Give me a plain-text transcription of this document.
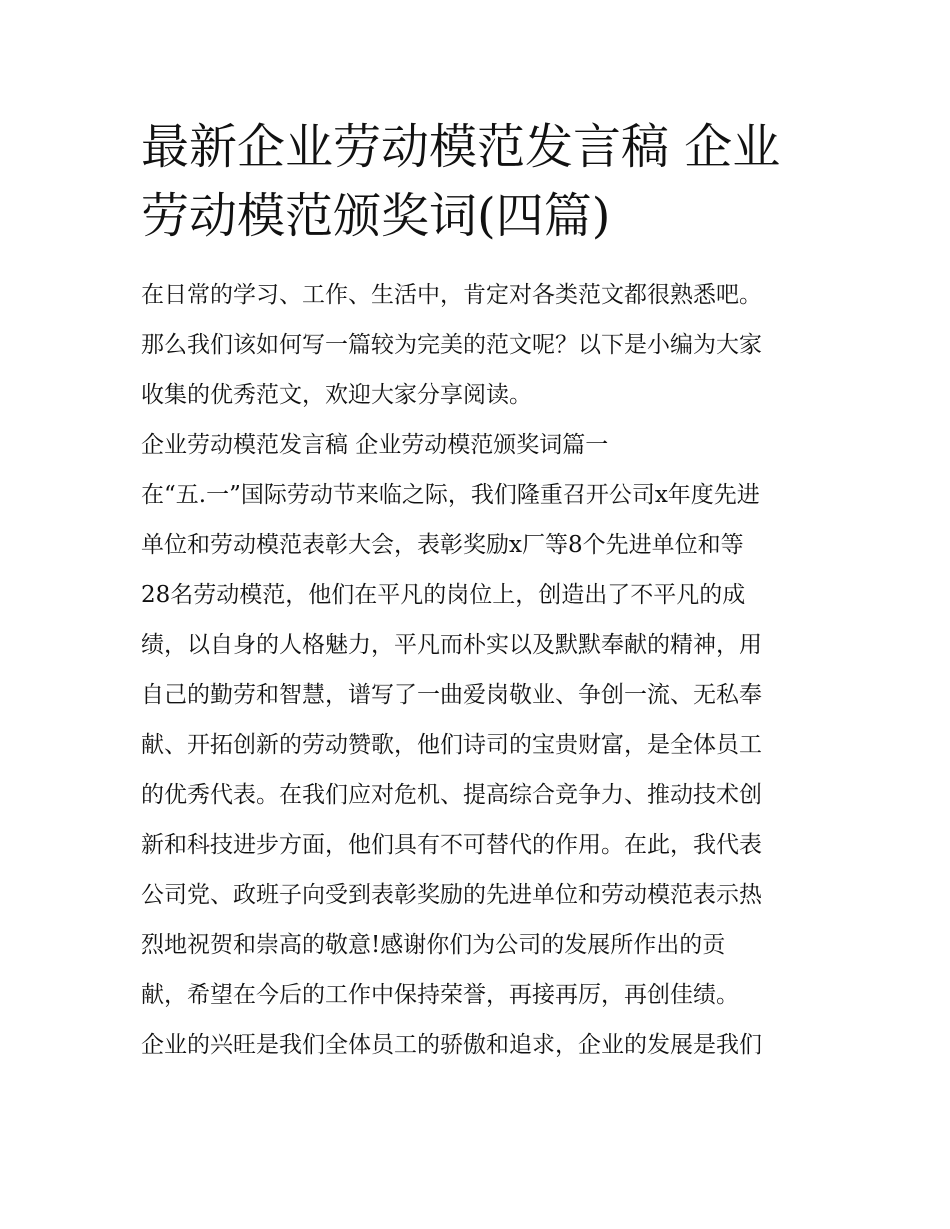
最新企业劳动模范发言稿 企业
劳动模范颁奖词(四篇)
在日常的学习、工作、生活中，肯定对各类范文都很熟悉吧。
那么我们该如何写一篇较为完美的范文呢？以下是小编为大家
收集的优秀范文，欢迎大家分享阅读。
企业劳动模范发言稿 企业劳动模范颁奖词篇一
在“五.一”国际劳动节来临之际，我们隆重召开公司x年度先进
单位和劳动模范表彰大会，表彰奖励x厂等8个先进单位和等
28名劳动模范，他们在平凡的岗位上，创造出了不平凡的成
绩，以自身的人格魅力，平凡而朴实以及默默奉献的精神，用
自己的勤劳和智慧，谱写了一曲爱岗敬业、争创一流、无私奉
献、开拓创新的劳动赞歌，他们诗司的宝贵财富，是全体员工
的优秀代表。在我们应对危机、提高综合竞争力、推动技术创
新和科技进步方面，他们具有不可替代的作用。在此，我代表
公司党、政班子向受到表彰奖励的先进单位和劳动模范表示热
烈地祝贺和崇高的敬意!感谢你们为公司的发展所作出的贡
献，希望在今后的工作中保持荣誉，再接再厉，再创佳绩。
企业的兴旺是我们全体员工的骄傲和追求，企业的发展是我们
